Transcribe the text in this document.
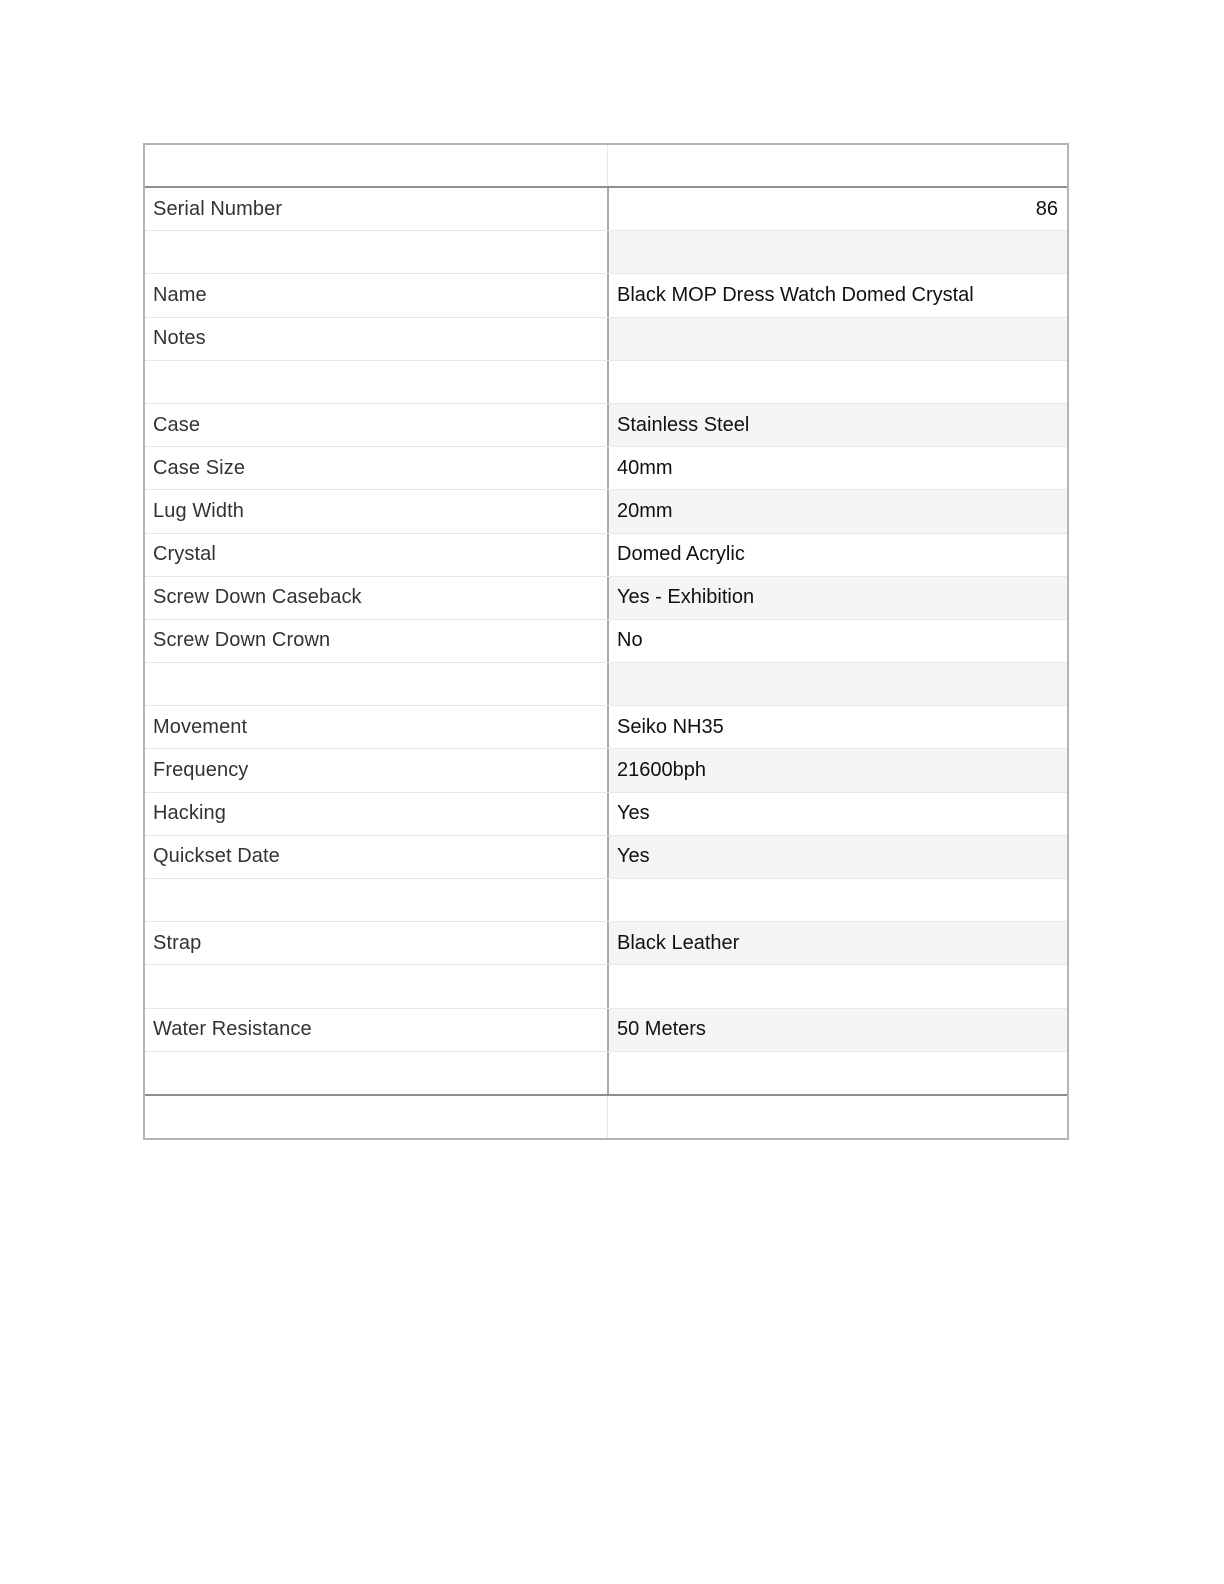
Serial Number	86
Name	Black MOP Dress Watch Domed Crystal
Notes
Case	Stainless Steel
Case Size	40mm
Lug Width	20mm
Crystal	Domed Acrylic
Screw Down Caseback	Yes - Exhibition
Screw Down Crown	No
Movement	Seiko NH35
Frequency	21600bph
Hacking	Yes
Quickset Date	Yes
Strap	Black Leather
Water Resistance	50 Meters
